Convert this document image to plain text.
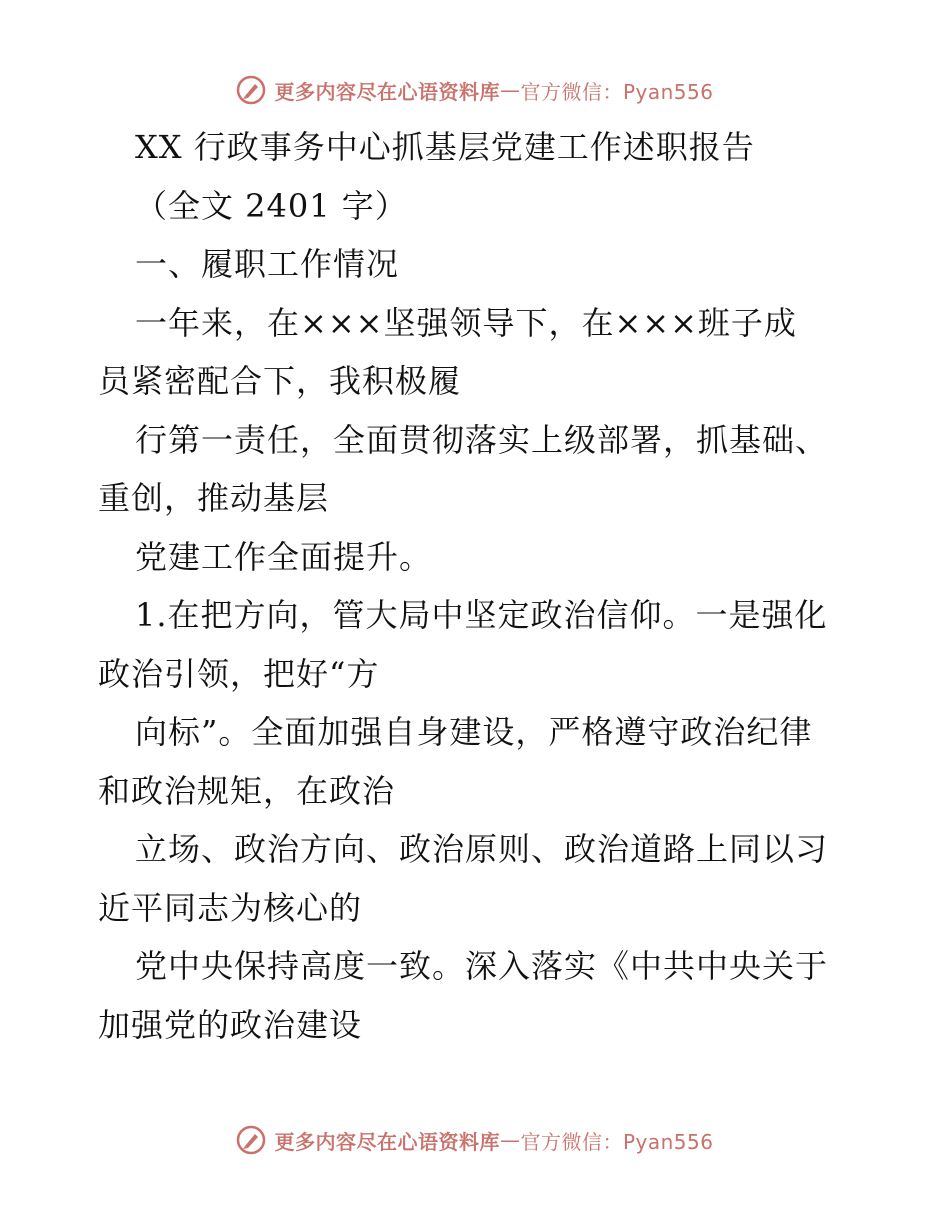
更多内容尽在心语资料库 — 官方微信：Pyan556
XX 行政事务中心抓基层党建工作述职报告
（全文 2401 字）
一、履职工作情况
一年来，在×××坚强领导下，在×××班子成
员紧密配合下，我积极履
行第一责任，全面贯彻落实上级部署，抓基础、
重创，推动基层
党建工作全面提升。
1.在把方向，管大局中坚定政治信仰。一是强化
政治引领，把好“方
向标”。全面加强自身建设，严格遵守政治纪律
和政治规矩，在政治
立场、政治方向、政治原则、政治道路上同以习
近平同志为核心的
党中央保持高度一致。深入落实《中共中央关于
加强党的政治建设
更多内容尽在心语资料库 — 官方微信：Pyan556
